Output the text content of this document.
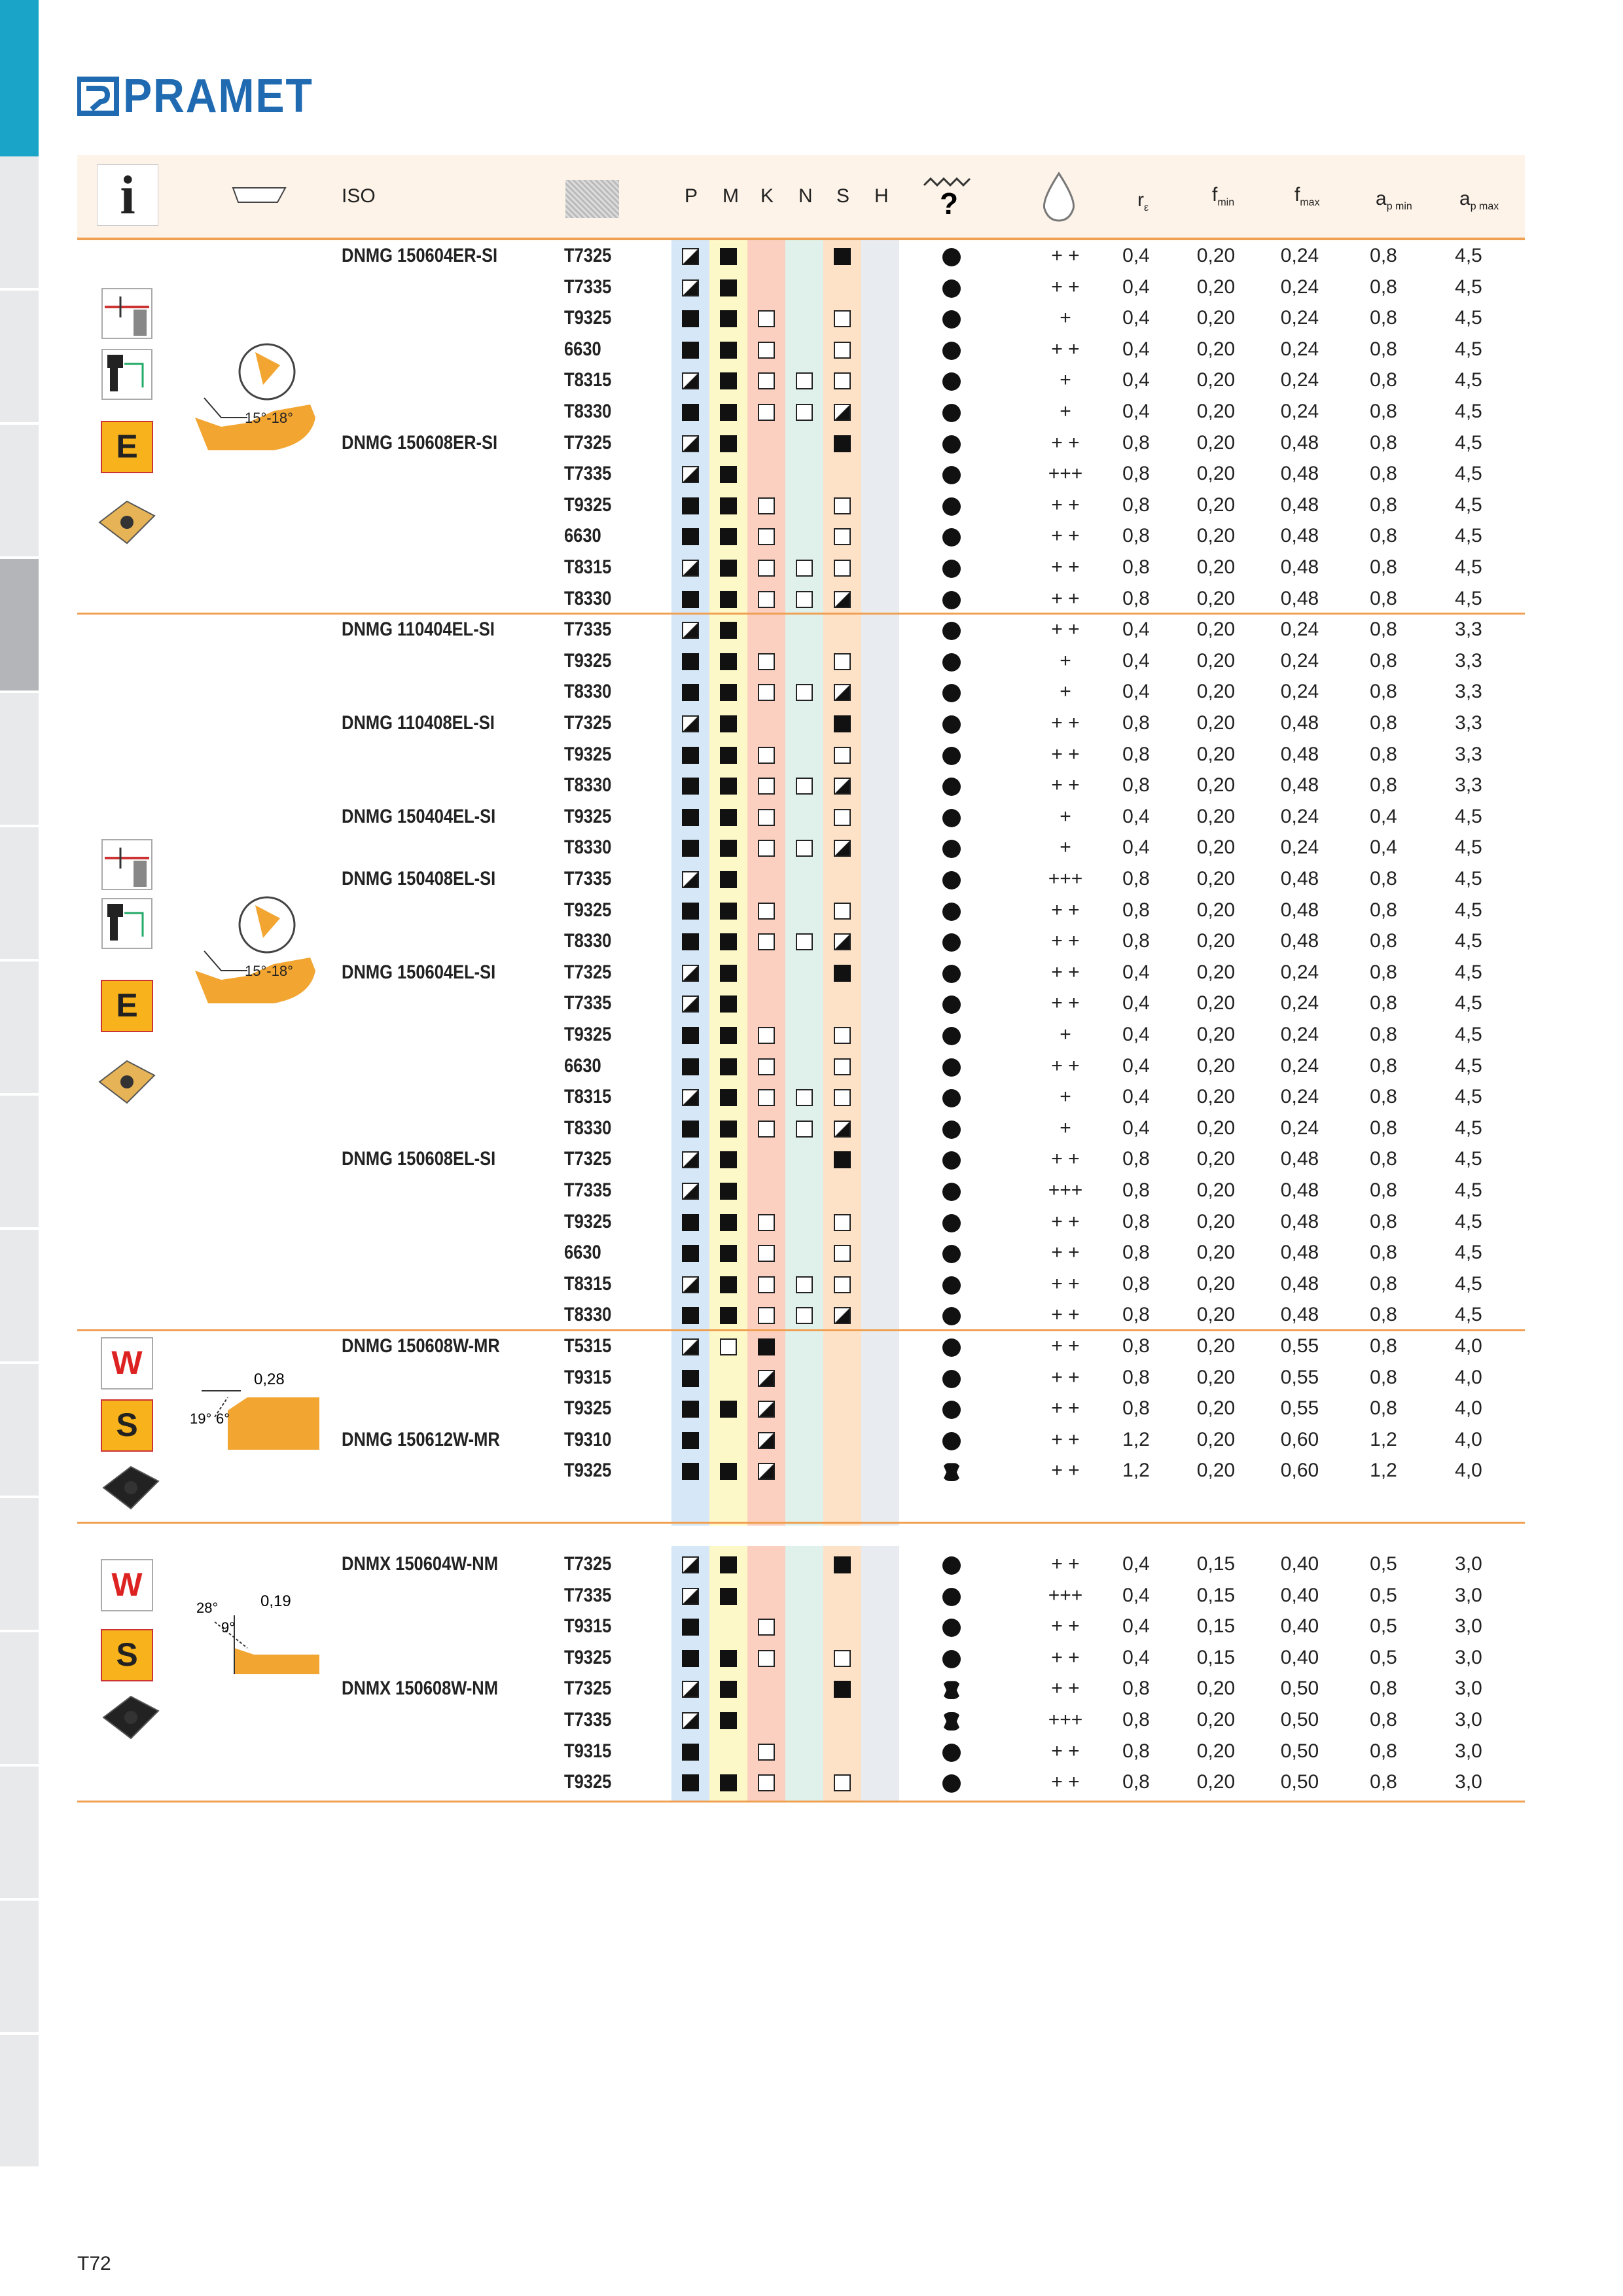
PRAMET
i	ISO	?	$r_\varepsilon$
$f_{min}$	$f_{max}$	$a_{p min}$ $a_{p max}$
P M K N S H
DNMG 150604ER-SI	T7325	+ +	0,4	0,20	0,24	0,8	4,5
T7335	+ +	0,4	0,20	0,24	0,8	4,5
T9325	+	0,4	0,20	0,24	0,8	4,5
6630	+ +	0,4	0,20	0,24	0,8	4,5
T8315	+	0,4	0,20	0,24	0,8	4,5
T8330	+	0,4	0,20	0,24	0,8	4,5
DNMG 150608ER-SI	T7325	+ +	0,8	0,20	0,48	0,8	4,5
T7335	+++	0,8	0,20	0,48	0,8	4,5
T9325	+ +	0,8	0,20	0,48	0,8	4,5
6630	+ +	0,8	0,20	0,48	0,8	4,5
T8315	+ +	0,8	0,20	0,48	0,8	4,5
T8330	+ +	0,8	0,20	0,48	0,8	4,5
DNMG 110404EL-SI	T7335	+ +	0,4	0,20	0,24	0,8	3,3
T9325	+	0,4	0,20	0,24	0,8	3,3
T8330	+	0,4	0,20	0,24	0,8	3,3
DNMG 110408EL-SI	T7325	+ +	0,8	0,20	0,48	0,8	3,3
T9325	+ +	0,8	0,20	0,48	0,8	3,3
T8330	+ +	0,8	0,20	0,48	0,8	3,3
DNMG 150404EL-SI	T9325	+	0,4	0,20	0,24	0,4	4,5
T8330	+	0,4	0,20	0,24	0,4	4,5
DNMG 150408EL-SI	T7335	+++	0,8	0,20	0,48	0,8	4,5
T9325	+ +	0,8	0,20	0,48	0,8	4,5
T8330	+ +	0,8	0,20	0,48	0,8	4,5
DNMG 150604EL-SI	T7325	+ +	0,4	0,20	0,24	0,8	4,5
T7335	+ +	0,4	0,20	0,24	0,8	4,5
T9325	+	0,4	0,20	0,24	0,8	4,5
6630	+ +	0,4	0,20	0,24	0,8	4,5
T8315	+	0,4	0,20	0,24	0,8	4,5
T8330	+	0,4	0,20	0,24	0,8	4,5
DNMG 150608EL-SI	T7325	+ +	0,8	0,20	0,48	0,8	4,5
T7335	+++	0,8	0,20	0,48	0,8	4,5
T9325	+ +	0,8	0,20	0,48	0,8	4,5
6630	+ +	0,8	0,20	0,48	0,8	4,5
T8315	+ +	0,8	0,20	0,48	0,8	4,5
T8330	+ +	0,8	0,20	0,48	0,8	4,5
DNMG 150608W-MR	T5315	+ +	0,8	0,20	0,55	0,8	4,0
T9315	+ +	0,8	0,20	0,55	0,8	4,0
T9325	+ +	0,8	0,20	0,55	0,8	4,0
DNMG 150612W-MR	T9310	+ +	1,2	0,20	0,60	1,2	4,0
T9325	+ +	1,2	0,20	0,60	1,2	4,0
DNMX 150604W-NM	T7325	+ +	0,4	0,15	0,40	0,5	3,0
T7335	+++	0,4	0,15	0,40	0,5	3,0
T9315	+ +	0,4	0,15	0,40	0,5	3,0
T9325	+ +	0,4	0,15	0,40	0,5	3,0
DNMX 150608W-NM	T7325	+ +	0,8	0,20	0,50	0,8	3,0
T7335	+++	0,8	0,20	0,50	0,8	3,0
T9315	+ +	0,8	0,20	0,50	0,8	3,0
T9325	+ +	0,8	0,20	0,50	0,8	3,0
15°-18°
E
15°-18°
E
W
S
0,28
19° 6°
W
S
0,19
28°
9°
T72
